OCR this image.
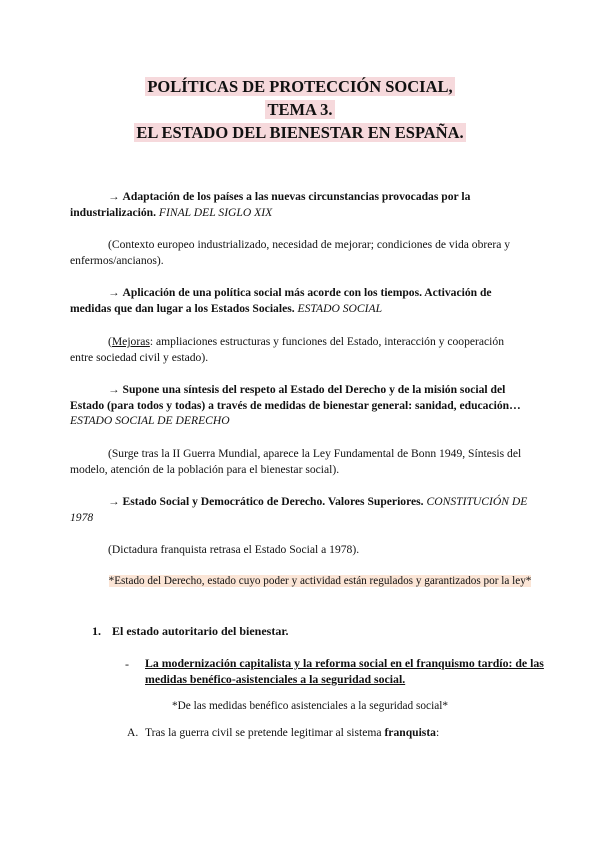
POLÍTICAS DE PROTECCIÓN SOCIAL,
TEMA 3.
EL ESTADO DEL BIENESTAR EN ESPAÑA.
→ Adaptación de los países a las nuevas circunstancias provocadas por la industrialización. FINAL DEL SIGLO XIX
(Contexto europeo industrializado, necesidad de mejorar; condiciones de vida obrera y enfermos/ancianos).
→ Aplicación de una política social más acorde con los tiempos. Activación de medidas que dan lugar a los Estados Sociales. ESTADO SOCIAL
(Mejoras: ampliaciones estructuras y funciones del Estado, interacción y cooperación entre sociedad civil y estado).
→ Supone una síntesis del respeto al Estado del Derecho y de la misión social del Estado (para todos y todas) a través de medidas de bienestar general: sanidad, educación… ESTADO SOCIAL DE DERECHO
(Surge tras la II Guerra Mundial, aparece la Ley Fundamental de Bonn 1949, Síntesis del modelo, atención de la población para el bienestar social).
→ Estado Social y Democrático de Derecho. Valores Superiores. CONSTITUCIÓN DE 1978
(Dictadura franquista retrasa el Estado Social a 1978).
*Estado del Derecho, estado cuyo poder y actividad están regulados y garantizados por la ley*
1. El estado autoritario del bienestar.
- La modernización capitalista y la reforma social en el franquismo tardío: de las medidas benéfico-asistenciales a la seguridad social.
*De las medidas benéfico asistenciales a la seguridad social*
A. Tras la guerra civil se pretende legitimar al sistema franquista:
